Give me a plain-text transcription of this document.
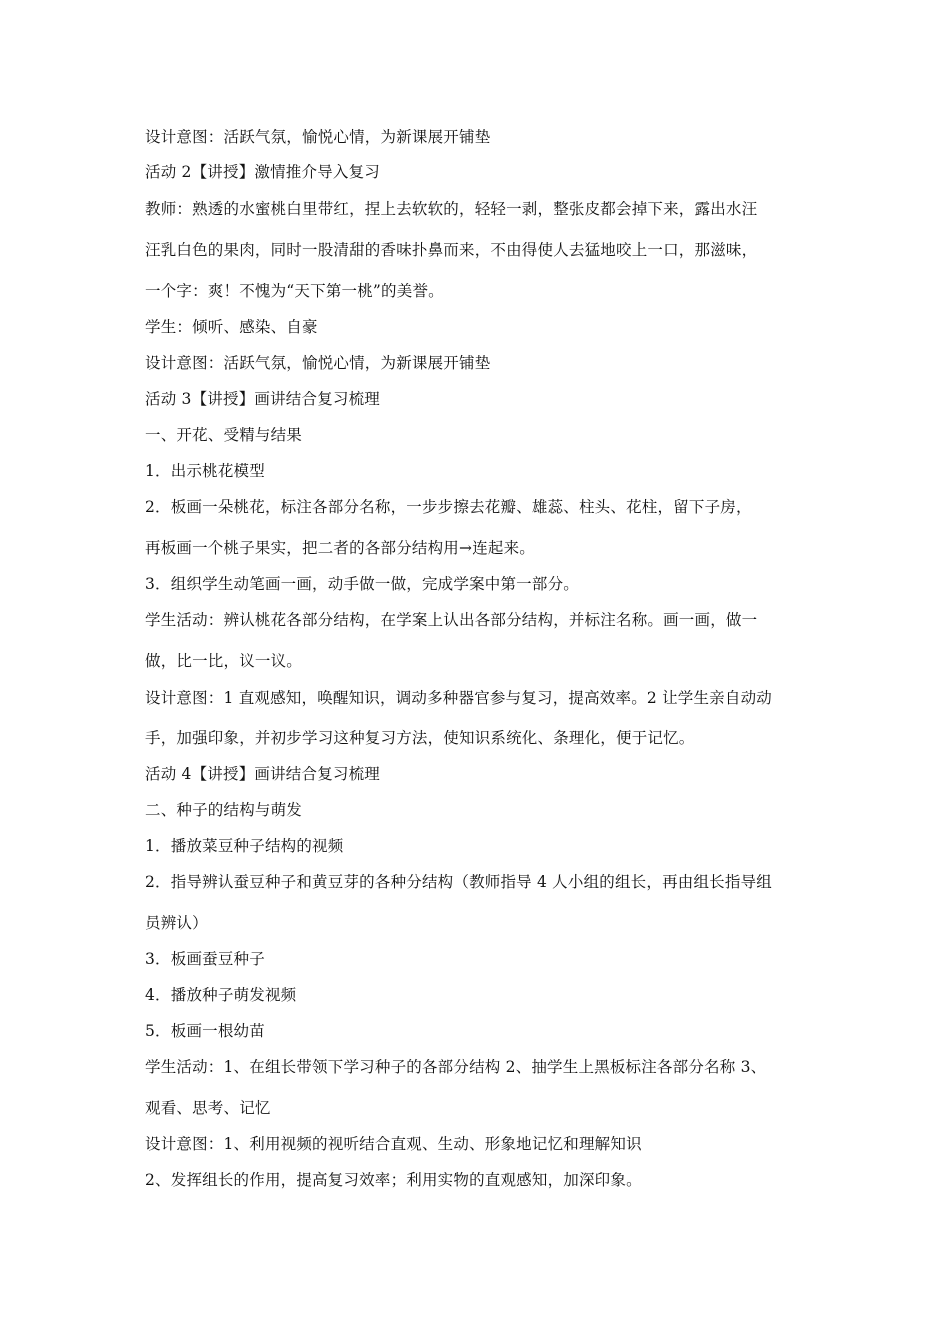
设计意图：活跃气氛，愉悦心情，为新课展开铺垫
活动 2【讲授】激情推介导入复习
教师：熟透的水蜜桃白里带红，捏上去软软的，轻轻一剥，整张皮都会掉下来，露出水汪
汪乳白色的果肉，同时一股清甜的香味扑鼻而来，不由得使人去猛地咬上一口，那滋味，
一个字：爽！不愧为“天下第一桃”的美誉。
学生：倾听、感染、自豪
设计意图：活跃气氛，愉悦心情，为新课展开铺垫
活动 3【讲授】画讲结合复习梳理
一、开花、受精与结果
1．出示桃花模型
2．板画一朵桃花，标注各部分名称，一步步擦去花瓣、雄蕊、柱头、花柱，留下子房，
再板画一个桃子果实，把二者的各部分结构用→连起来。
3．组织学生动笔画一画，动手做一做，完成学案中第一部分。
学生活动：辨认桃花各部分结构，在学案上认出各部分结构，并标注名称。画一画，做一
做，比一比，议一议。
设计意图：1 直观感知，唤醒知识，调动多种器官参与复习，提高效率。2 让学生亲自动动
手，加强印象，并初步学习这种复习方法，使知识系统化、条理化，便于记忆。
活动 4【讲授】画讲结合复习梳理
二、种子的结构与萌发
1．播放菜豆种子结构的视频
2．指导辨认蚕豆种子和黄豆芽的各种分结构（教师指导 4 人小组的组长，再由组长指导组
员辨认）
3．板画蚕豆种子
4．播放种子萌发视频
5．板画一根幼苗
学生活动：1、在组长带领下学习种子的各部分结构 2、抽学生上黑板标注各部分名称 3、
观看、思考、记忆
设计意图：1、利用视频的视听结合直观、生动、形象地记忆和理解知识
2、发挥组长的作用，提高复习效率；利用实物的直观感知，加深印象。
